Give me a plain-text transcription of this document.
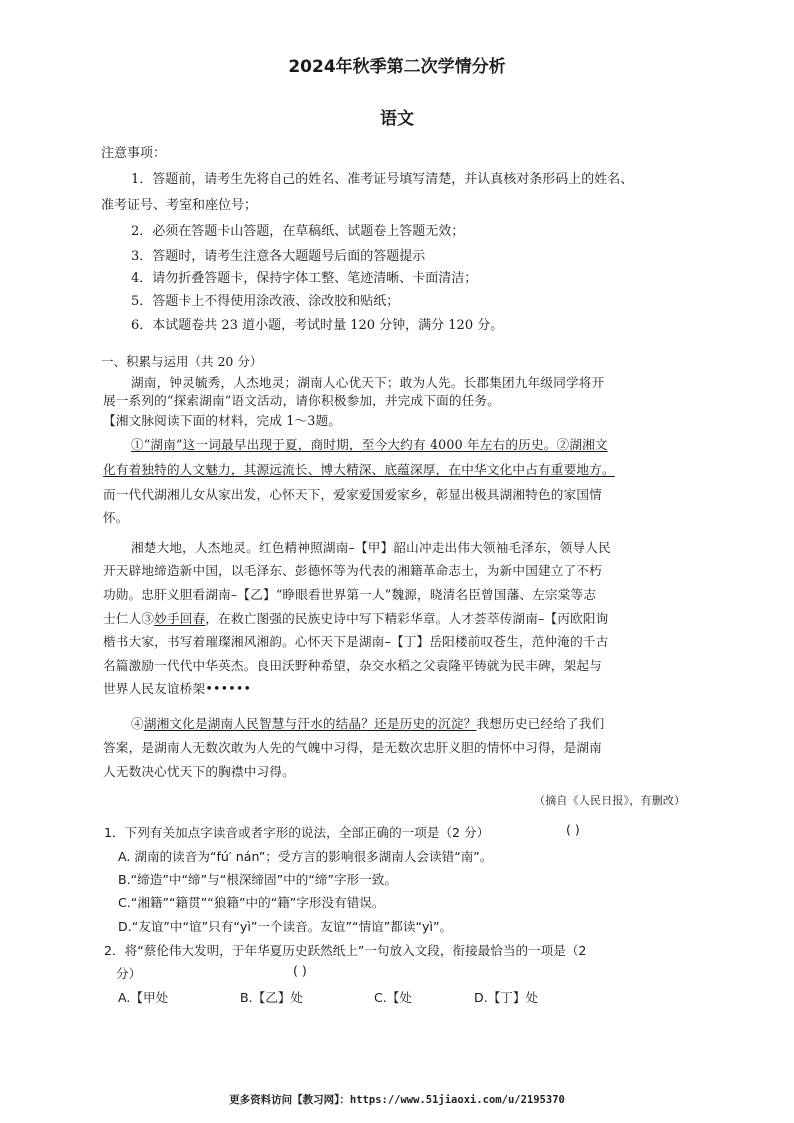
2024年秋季第二次学情分析
语文
注意事项：
1．答题前，请考生先将自己的姓名、准考证号填写清楚，并认真核对条形码上的姓名、
准考证号、考室和座位号；
2．必须在答题卡山答题，在草稿纸、试题卷上答题无效；
3．答题时，请考生注意各大题题号后面的答题提示
4．请勿折叠答题卡，保持字体工整、笔迹清晰、卡面清洁；
5．答题卡上不得使用涂改液、涂改胶和贴纸；
6．本试题卷共 23 道小题，考试时量 120 分钟，满分 120 分。
一、积累与运用（共 20 分）
湖南，钟灵毓秀，人杰地灵；湖南人心优天下；敢为人先。长郡集团九年级同学将开
展一系列的“探索湖南”语文活动，请你积极参加，并完成下面的任务。
【湘文脉阅读下面的材料，完成 1～3题。
①“湖南”这一词最早出现于夏，商时期，至今大约有 4000 年左右的历史。②湖湘文
化有着独特的人文魅力，其源远流长、博大精深、底蕴深厚，在中华文化中占有重要地方。
而一代代湖湘儿女从家出发，心怀天下，爱家爱国爱家乡，彰显出极具湖湘特色的家国情
怀。
湘楚大地，人杰地灵。红色精神照湖南–【甲】韶山冲走出伟大领袖毛泽东，领导人民
开天辟地缔造新中国，以毛泽东、彭德怀等为代表的湘籍革命志士，为新中国建立了不朽
功勋。忠肝义胆看湖南–【乙】“睁眼看世界第一人”魏源，晓清名臣曾国藩、左宗棠等志
士仁人③妙手回春，在救亡图强的民族史诗中写下精彩华章。人才荟萃传湖南–【丙欧阳询
楷书大家，书写着璀璨湘风湘韵。心怀天下是湖南–【丁】岳阳楼前叹苍生，范仲淹的千古
名篇激励一代代中华英杰。良田沃野种希望，杂交水稻之父袁隆平铸就为民丰碑，架起与
世界人民友谊桥架••••••
④湖湘文化是湖南人民智慧与汗水的结晶？还是历史的沉淀？我想历史已经给了我们
答案，是湖南人无数次敢为人先的气魄中习得，是无数次忠肝义胆的情怀中习得，是湖南
人无数决心忧天下的胸襟中习得。
（摘自《人民日报》，有删改）
1．下列有关加点字读音或者字形的说法，全部正确的一项是（2 分）	( )
A. 湖南的读音为“fú′ nán”；受方言的影响很多湖南人会读错“南”。
B.“缔造”中“缔”与“根深缔固”中的“缔”字形一致。
C.“湘籍”“籍贯”“狼籍”中的“籍”字形没有错误。
D.“友谊”中“谊”只有“yì”一个读音。友谊”“情谊”都读“yì”。
2．将“蔡伦伟大发明，于年华夏历史跃然纸上”一句放入文段，衔接最恰当的一项是（2
分）	( )
A.【甲处	B.【乙】处	C.【处	D.【丁】处
更多资料访问【教习网】：https://www.51jiaoxi.com/u/2195370
